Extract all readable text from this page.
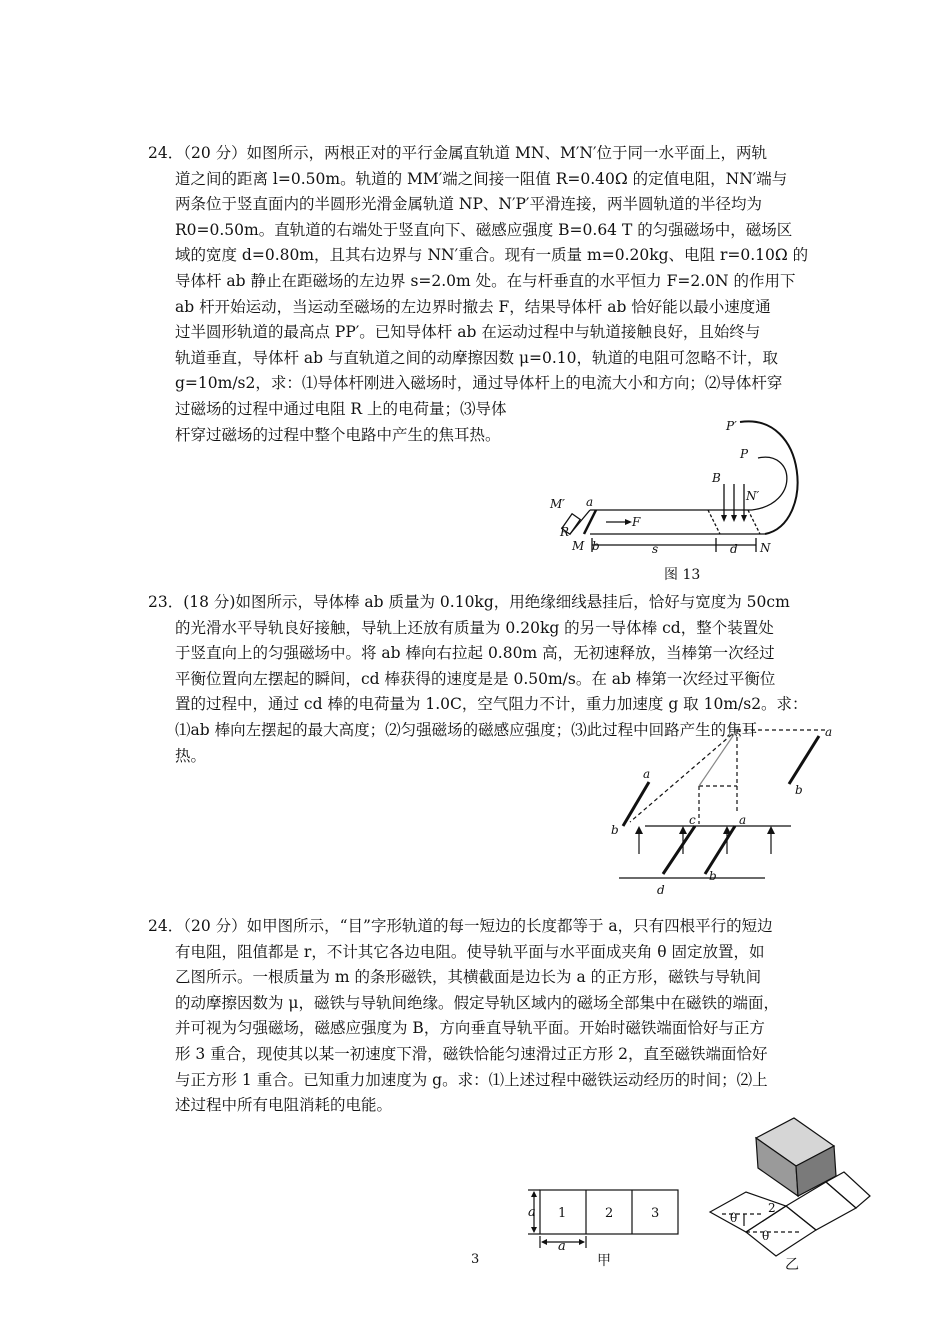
24．（20 分）如图所示，两根正对的平行金属直轨道 MN、M′N′位于同一水平面上，两轨
道之间的距离 l=0.50m。轨道的 MM′端之间接一阻值 R=0.40Ω 的定值电阻，NN′端与
两条位于竖直面内的半圆形光滑金属轨道 NP、N′P′平滑连接，两半圆轨道的半径均为
R0=0.50m。直轨道的右端处于竖直向下、磁感应强度 B=0.64 T 的匀强磁场中，磁场区
域的宽度 d=0.80m，且其右边界与 NN′重合。现有一质量 m=0.20kg、电阻 r=0.10Ω 的
导体杆 ab 静止在距磁场的左边界 s=2.0m 处。在与杆垂直的水平恒力 F=2.0N 的作用下
ab 杆开始运动，当运动至磁场的左边界时撤去 F，结果导体杆 ab 恰好能以最小速度通
过半圆形轨道的最高点 PP′。已知导体杆 ab 在运动过程中与轨道接触良好，且始终与
轨道垂直，导体杆 ab 与直轨道之间的动摩擦因数 μ=0.10，轨道的电阻可忽略不计，取
g=10m/s2，求：⑴导体杆刚进入磁场时，通过导体杆上的电流大小和方向；⑵导体杆穿
过磁场的过程中通过电阻 R 上的电荷量；⑶导体
杆穿过磁场的过程中整个电路中产生的焦耳热。	P′
P
B
N′
M′ a
F
R
M b	s	d N
图 13
23．(18 分)如图所示，导体棒 ab 质量为 0.10kg，用绝缘细线悬挂后，恰好与宽度为 50cm
的光滑水平导轨良好接触，导轨上还放有质量为 0.20kg 的另一导体棒 cd，整个装置处
于竖直向上的匀强磁场中。将 ab 棒向右拉起 0.80m 高，无初速释放，当棒第一次经过
平衡位置向左摆起的瞬间，cd 棒获得的速度是是 0.50m/s。在 ab 棒第一次经过平衡位
置的过程中，通过 cd 棒的电荷量为 1.0C，空气阻力不计，重力加速度 g 取 10m/s2。求：
⑴ab 棒向左摆起的最大高度；⑵匀强磁场的磁感应强度；⑶此过程中回路产生的焦耳
热。
a
b
a
b
c	a
b
d
24．（20 分）如甲图所示，“目”字形轨道的每一短边的长度都等于 a，只有四根平行的短边
有电阻，阻值都是 r，不计其它各边电阻。使导轨平面与水平面成夹角 θ 固定放置，如
乙图所示。一根质量为 m 的条形磁铁，其横截面是边长为 a 的正方形，磁铁与导轨间
的动摩擦因数为 μ，磁铁与导轨间绝缘。假定导轨区域内的磁场全部集中在磁铁的端面，
并可视为匀强磁场，磁感应强度为 B，方向垂直导轨平面。开始时磁铁端面恰好与正方
形 3 重合，现使其以某一初速度下滑，磁铁恰能匀速滑过正方形 2，直至磁铁端面恰好
与正方形 1 重合。已知重力加速度为 g。求：⑴上述过程中磁铁运动经历的时间；⑵上
述过程中所有电阻消耗的电能。
1	2	3
a
a
甲
2
θ
θ
乙
3
